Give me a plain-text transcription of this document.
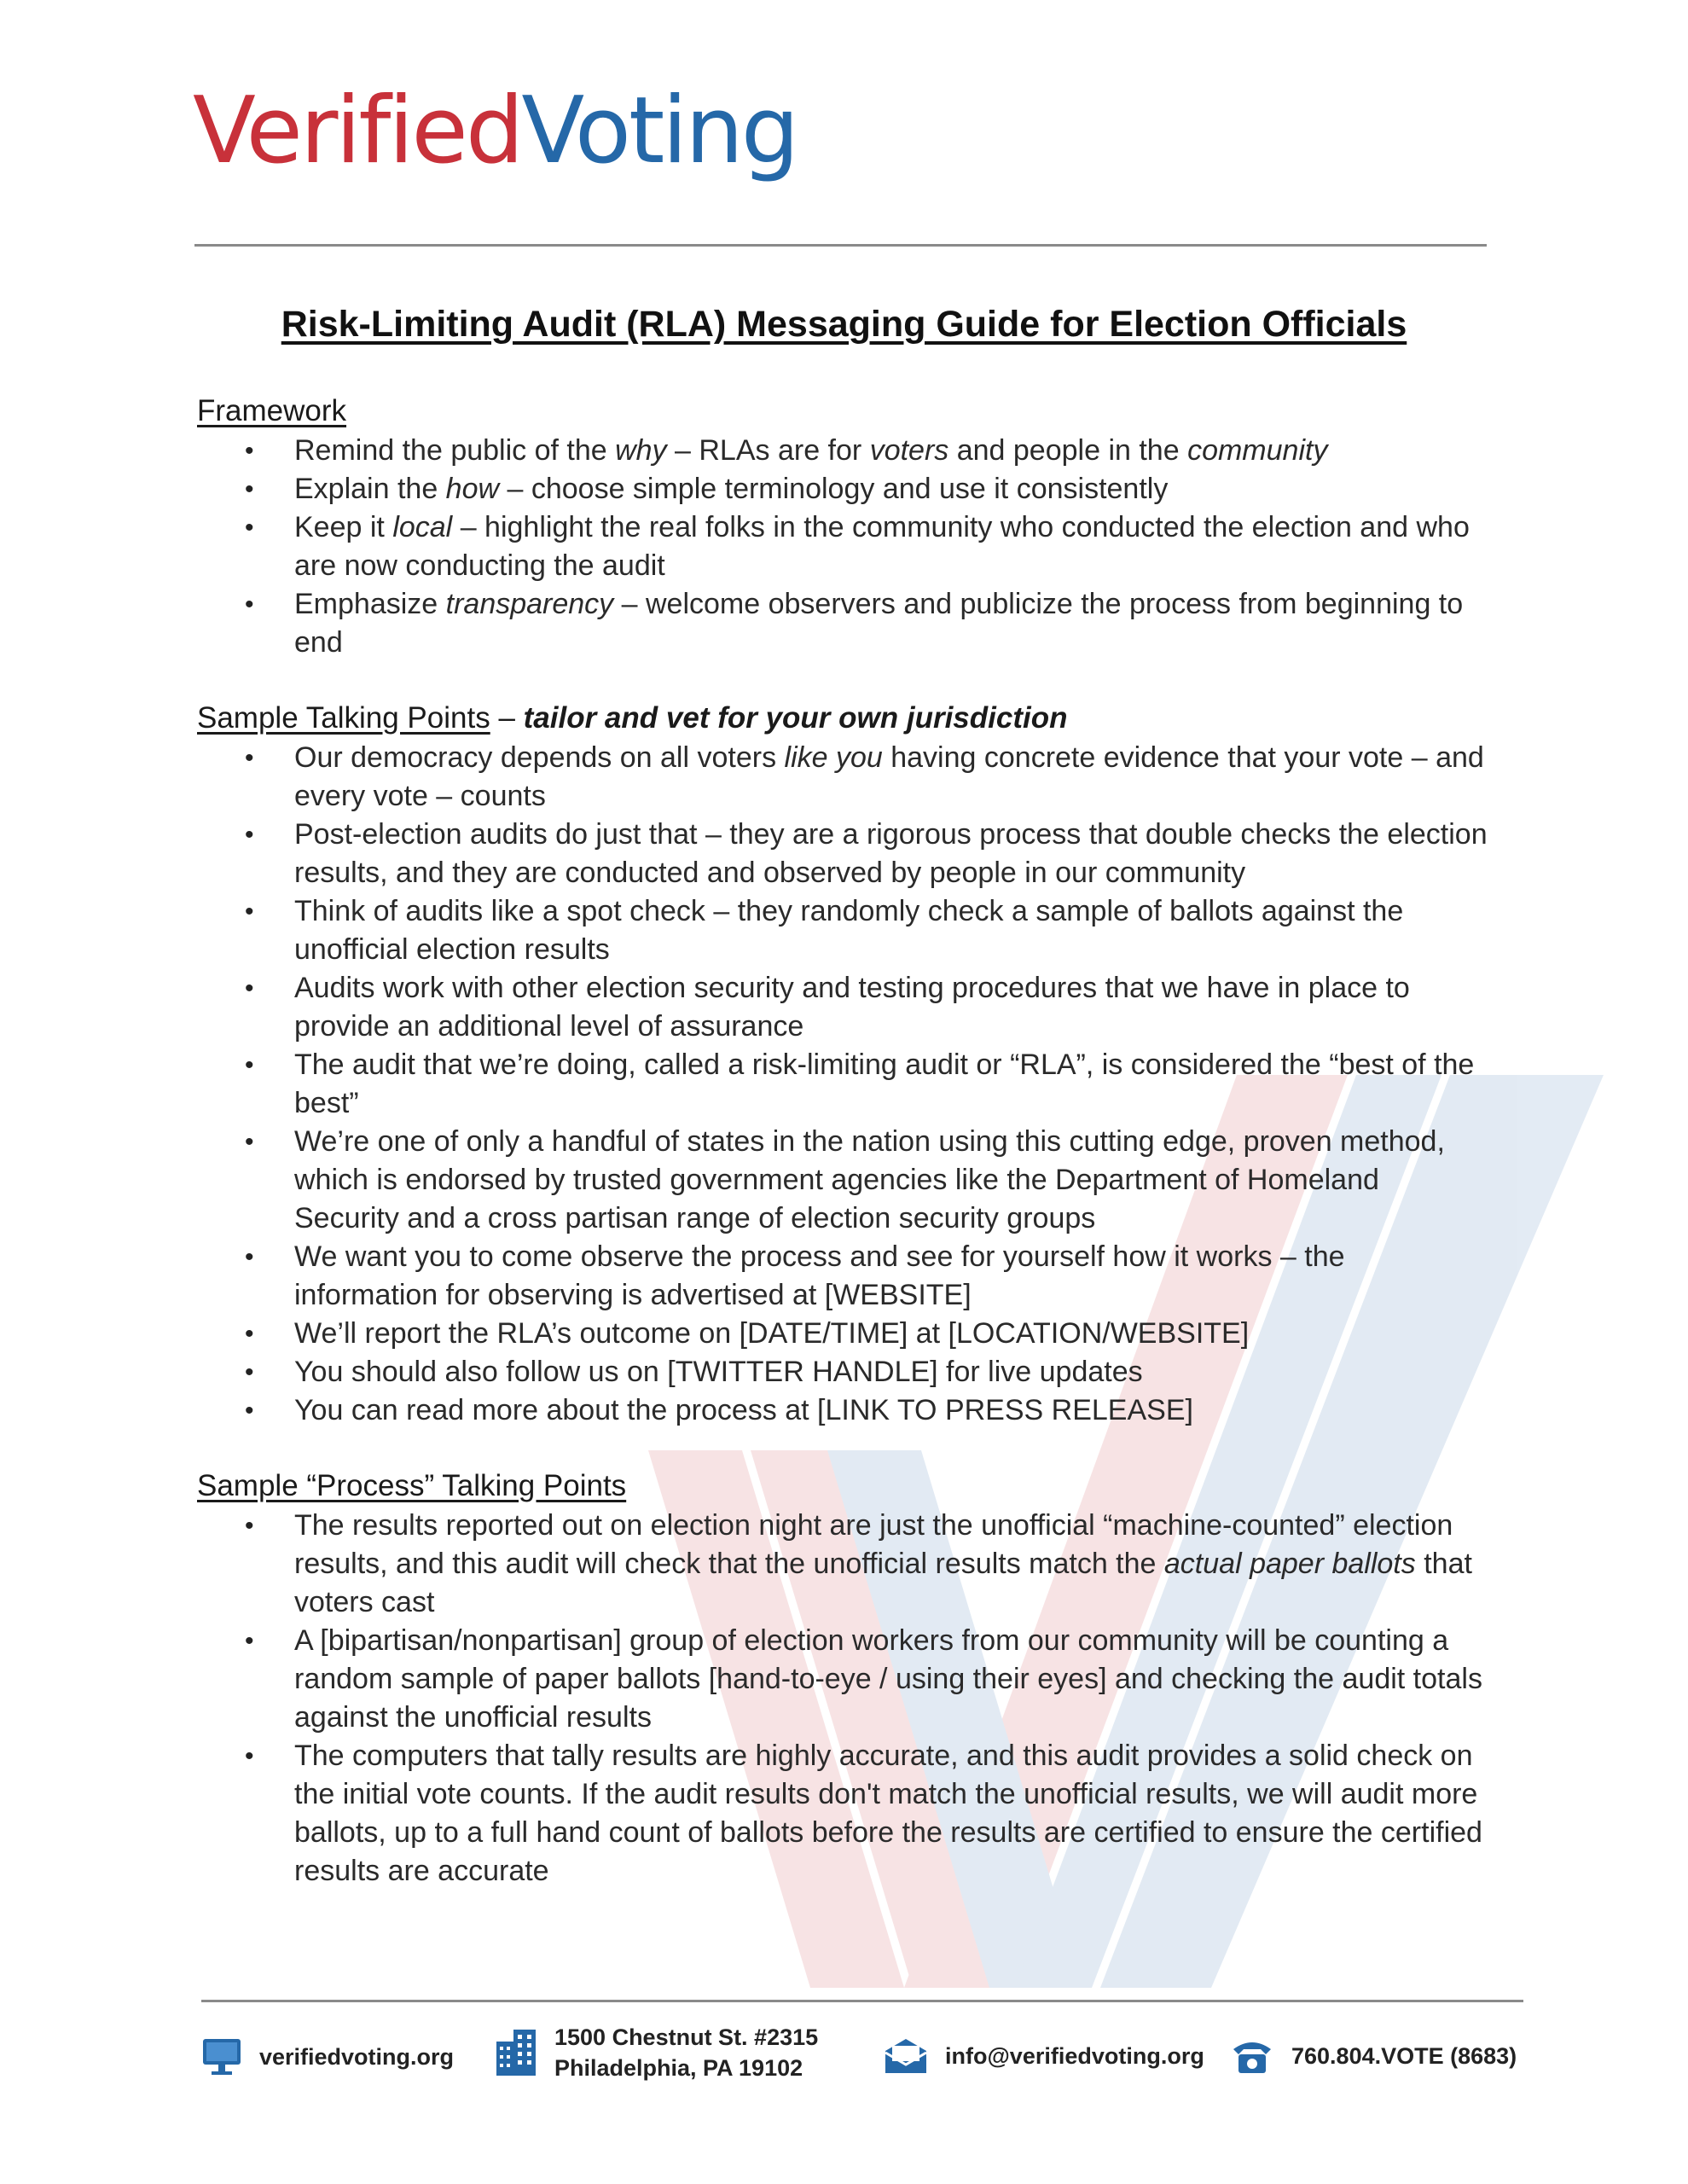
VerifiedVoting
Risk-Limiting Audit (RLA) Messaging Guide for Election Officials
Framework
• Remind the public of the why – RLAs are for voters and people in the community
• Explain the how – choose simple terminology and use it consistently
• Keep it local – highlight the real folks in the community who conducted the election and who are now conducting the audit
• Emphasize transparency – welcome observers and publicize the process from beginning to end
Sample Talking Points – tailor and vet for your own jurisdiction
• Our democracy depends on all voters like you having concrete evidence that your vote – and every vote – counts
• Post-election audits do just that – they are a rigorous process that double checks the election results, and they are conducted and observed by people in our community
• Think of audits like a spot check – they randomly check a sample of ballots against the unofficial election results
• Audits work with other election security and testing procedures that we have in place to provide an additional level of assurance
• The audit that we’re doing, called a risk-limiting audit or “RLA”, is considered the “best of the best”
• We’re one of only a handful of states in the nation using this cutting edge, proven method, which is endorsed by trusted government agencies like the Department of Homeland Security and a cross partisan range of election security groups
• We want you to come observe the process and see for yourself how it works – the information for observing is advertised at [WEBSITE]
• We’ll report the RLA’s outcome on [DATE/TIME] at [LOCATION/WEBSITE]
• You should also follow us on [TWITTER HANDLE] for live updates
• You can read more about the process at [LINK TO PRESS RELEASE]
Sample “Process” Talking Points
• The results reported out on election night are just the unofficial “machine-counted” election results, and this audit will check that the unofficial results match the actual paper ballots that voters cast
• A [bipartisan/nonpartisan] group of election workers from our community will be counting a random sample of paper ballots [hand-to-eye / using their eyes] and checking the audit totals against the unofficial results
• The computers that tally results are highly accurate, and this audit provides a solid check on the initial vote counts. If the audit results don't match the unofficial results, we will audit more ballots, up to a full hand count of ballots before the results are certified to ensure the certified results are accurate
verifiedvoting.org
1500 Chestnut St. #2315
Philadelphia, PA 19102	info@verifiedvoting.org	760.804.VOTE (8683)
